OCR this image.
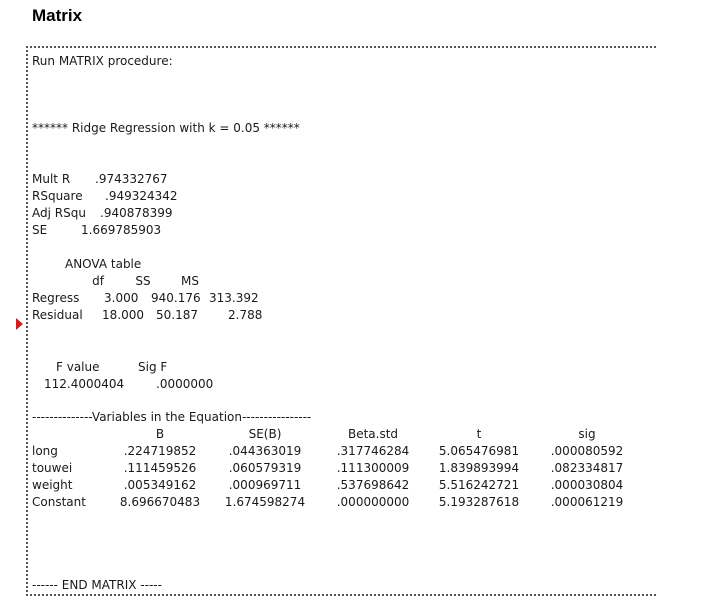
Matrix
Run MATRIX procedure:
****** Ridge Regression with k = 0.05 ******
Mult R .974332767
RSquare .949324342
Adj RSqu .940878399
SE	1.669785903
ANOVA table
df	SS	MS
Regress 3.000 940.176 313.392
Residual 18.000 50.187	2.788
F value	Sig F
112.4000404	.0000000
--------------Variables in the Equation----------------
B	SE(B)	Beta.std	t	sig
long	.224719852	.044363019	.317746284 5.065476981	.000080592
touwei	.111459526	.060579319	.111300009 1.839893994	.082334817
weight	.005349162	.000969711	.537698642 5.516242721	.000030804
Constant	8.696670483 1.674598274	.000000000 5.193287618	.000061219
------ END MATRIX -----
